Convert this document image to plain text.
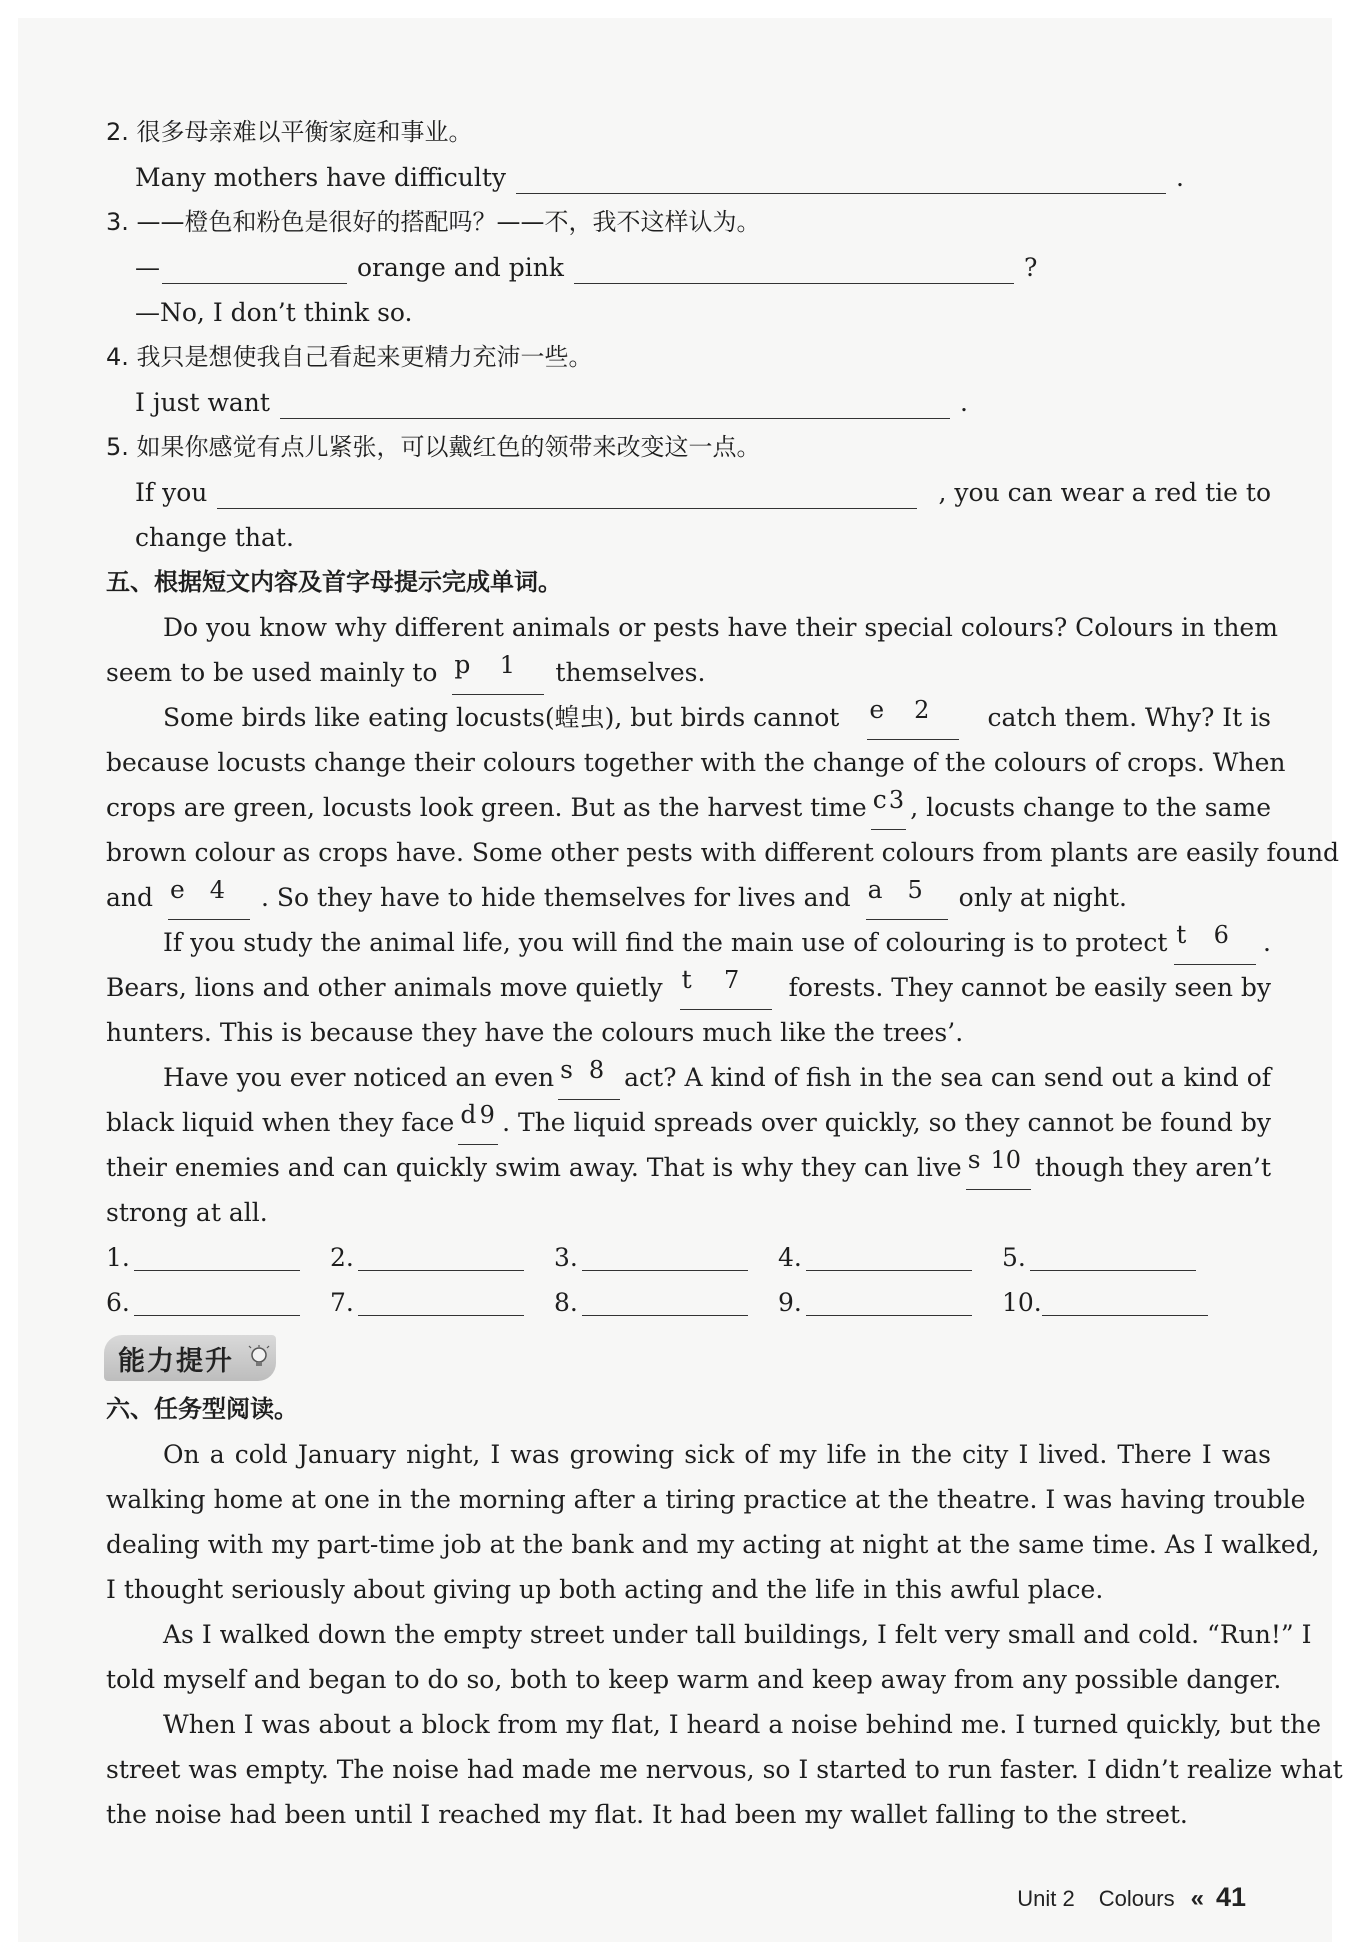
2. 很多母亲难以平衡家庭和事业。
Many mothers have difficulty	.
3. ——橙色和粉色是很好的搭配吗？——不，我不这样认为。
—	orange and pink	?
—No, I don’t think so.
4. 我只是想使我自己看起来更精力充沛一些。
I just want	.
5. 如果你感觉有点儿紧张，可以戴红色的领带来改变这一点。
If you	, you can wear a red tie to
change that.
五、根据短文内容及首字母提示完成单词。
Do you know why different animals or pests have their special colours? Colours in them
seem to be used mainly to p 1	themselves.
Some birds like eating locusts(蝗虫), but birds cannot e 2	catch them. Why? It is
because locusts change their colours together with the change of the colours of crops. When
crops are green, locusts look green. But as the harvest time c 3 , locusts change to the same
brown colour as crops have. Some other pests with different colours from plants are easily found
and e 4	. So they have to hide themselves for lives and a 5	only at night.
If you study the animal life, you will find the main use of colouring is to protect t 6	.
Bears, lions and other animals move quietly t 7	forests. They cannot be easily seen by
hunters. This is because they have the colours much like the trees’.
Have you ever noticed an even s 8 act? A kind of fish in the sea can send out a kind of
black liquid when they face d 9 . The liquid spreads over quickly, so they cannot be found by
their enemies and can quickly swim away. That is why they can live s 10 though they aren’t
strong at all.
1.	2.	3.	4.	5.
6.	7.	8.	9.	10.
能力提升
六、任务型阅读。
On a cold January night, I was growing sick of my life in the city I lived. There I was
walking home at one in the morning after a tiring practice at the theatre. I was having trouble
dealing with my part-time job at the bank and my acting at night at the same time. As I walked,
I thought seriously about giving up both acting and the life in this awful place.
As I walked down the empty street under tall buildings, I felt very small and cold. “Run!” I
told myself and began to do so, both to keep warm and keep away from any possible danger.
When I was about a block from my flat, I heard a noise behind me. I turned quickly, but the
street was empty. The noise had made me nervous, so I started to run faster. I didn’t realize what
the noise had been until I reached my flat. It had been my wallet falling to the street.
Unit 2 Colours « 41
